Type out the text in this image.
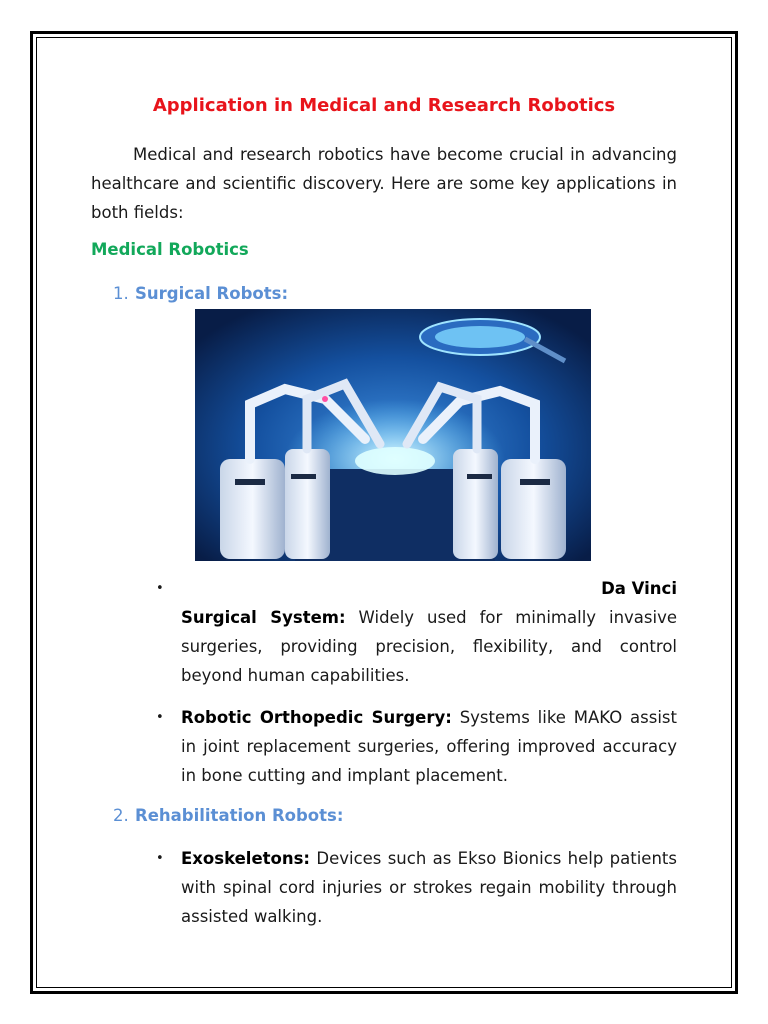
Application in Medical and Research Robotics

Medical and research robotics have become crucial in advancing healthcare and scientific discovery. Here are some key applications in both fields:

Medical Robotics
1. Surgical Robots:
•	Da Vinci
Surgical System: Widely used for minimally invasive surgeries, providing precision, flexibility, and control beyond human capabilities.
• Robotic Orthopedic Surgery: Systems like MAKO assist in joint replacement surgeries, offering improved accuracy in bone cutting and implant placement.
2. Rehabilitation Robots:
• Exoskeletons: Devices such as Ekso Bionics help patients with spinal cord injuries or strokes regain mobility through assisted walking.
